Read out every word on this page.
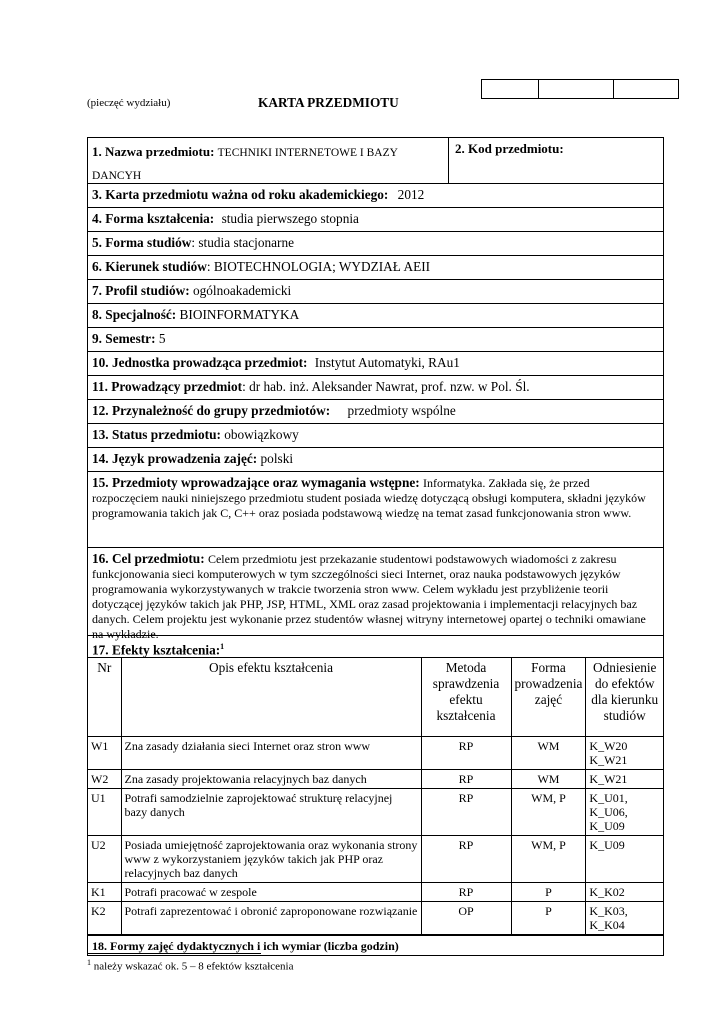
(pieczęć wydziału)	KARTA PRZEDMIOTU
1. Nazwa przedmiotu: TECHNIKI INTERNETOWE I BAZY DANCYH
2. Kod przedmiotu:
3. Karta przedmiotu ważna od roku akademickiego: 2012
4. Forma kształcenia: studia pierwszego stopnia
5. Forma studiów: studia stacjonarne
6. Kierunek studiów: BIOTECHNOLOGIA; WYDZIAŁ AEII
7. Profil studiów: ogólnoakademicki
8. Specjalność: BIOINFORMATYKA
9. Semestr: 5
10. Jednostka prowadząca przedmiot: Instytut Automatyki, RAu1
11. Prowadzący przedmiot: dr hab. inż. Aleksander Nawrat, prof. nzw. w Pol. Śl.
12. Przynależność do grupy przedmiotów: przedmioty wspólne
13. Status przedmiotu: obowiązkowy
14. Język prowadzenia zajęć: polski
15. Przedmioty wprowadzające oraz wymagania wstępne: Informatyka. Zakłada się, że przed rozpoczęciem nauki niniejszego przedmiotu student posiada wiedzę dotyczącą obsługi komputera, składni języków programowania takich jak C, C++ oraz posiada podstawową wiedzę na temat zasad funkcjonowania stron www.
16. Cel przedmiotu: Celem przedmiotu jest przekazanie studentowi podstawowych wiadomości z zakresu funkcjonowania sieci komputerowych w tym szczególności sieci Internet, oraz nauka podstawowych języków programowania wykorzystywanych w trakcie tworzenia stron www. Celem wykładu jest przybliżenie teorii dotyczącej języków takich jak PHP, JSP, HTML, XML oraz zasad projektowania i implementacji relacyjnych baz danych. Celem projektu jest wykonanie przez studentów własnej witryny internetowej opartej o techniki omawiane na wykładzie.
17. Efekty kształcenia:$^1$
Nr	Opis efektu kształcenia	Metoda sprawdzenia efektu kształcenia	Forma prowadzenia zajęć	Odniesienie do efektów dla kierunku studiów
W1	Zna zasady działania sieci Internet oraz stron www	RP	WM	K_W20
K_W21
W2	Zna zasady projektowania relacyjnych baz danych	RP	WM	K_W21
U1	Potrafi samodzielnie zaprojektować strukturę relacyjnej bazy danych	RP	WM, P	K_U01,
K_U06,
K_U09
U2	Posiada umiejętność zaprojektowania oraz wykonania strony www z wykorzystaniem języków takich jak PHP oraz relacyjnych baz danych	RP	WM, P	K_U09
K1	Potrafi pracować w zespole	RP	P	K_K02
K2	Potrafi zaprezentować i obronić zaproponowane rozwiązanie	OP	P	K_K03,
K_K04
18. Formy zajęć dydaktycznych i ich wymiar (liczba godzin)
$^1$ należy wskazać ok. 5 – 8 efektów kształcenia
